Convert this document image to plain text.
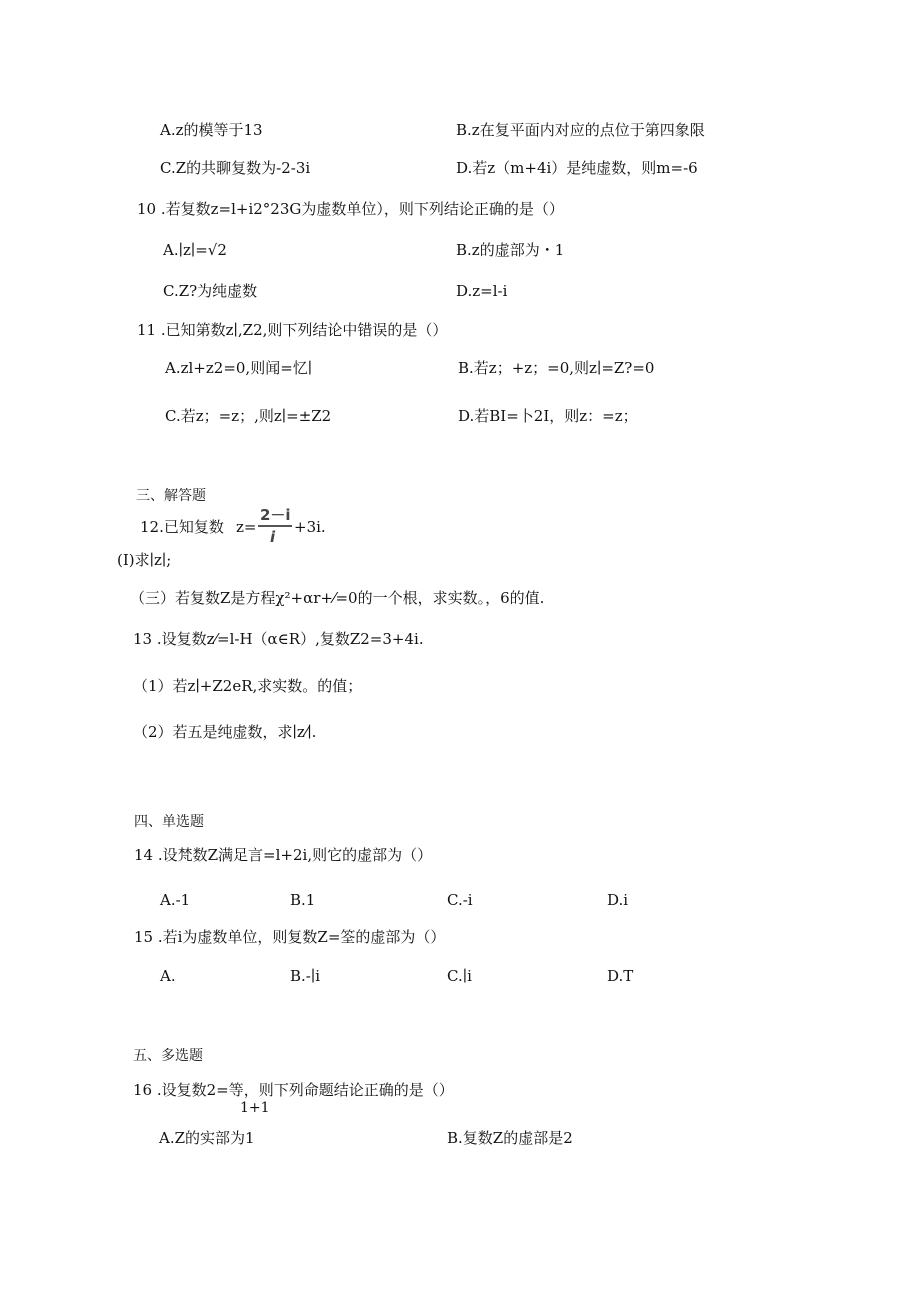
A.z的模等于13	B.z在复平面内对应的点位于第四象限
C.Z的共聊复数为-2-3i	D.若z（m+4i）是纯虚数，则m=-6
10 .若复数z=l+i2°23G为虚数单位），则下列结论正确的是（）
A.∣z∣=√2	B.z的虚部为・1
C.Z?为纯虚数	D.z=l-i
11 .已知第数z∣,Z2,则下列结论中错误的是（）
A.zl+z2=0,则闻=忆∣	B.若z；+z；=0,则z∣=Z?=0
C.若z；=z；,则z∣=±Z2	D.若BI=卜2I，则z：=z；
三、解答题
12.已知复数 z=
2－i
i
+3i.
(I)求∣z∣;
（三）若复数Z是方程χ²+αr+⁄=0的一个根，求实数。，6的值.
13 .设复数z⁄=l-H（α∈R）,复数Z2=3+4i.
（1）若z∣+Z2eR,求实数。的值；
（2）若五是纯虚数，求∣z⁄∣.
四、单选题
14 .设梵数Z满足言=l+2i,则它的虚部为（）
A.-1	B.1	C.-i	D.i
15 .若i为虚数单位，则复数Z=筌的虚部为（）
A.	B.-∣i	C.∣i	D.T
五、多选题
16 .设复数2=等，则下列命题结论正确的是（）
1+1
A.Z的实部为1	B.复数Z的虚部是2
